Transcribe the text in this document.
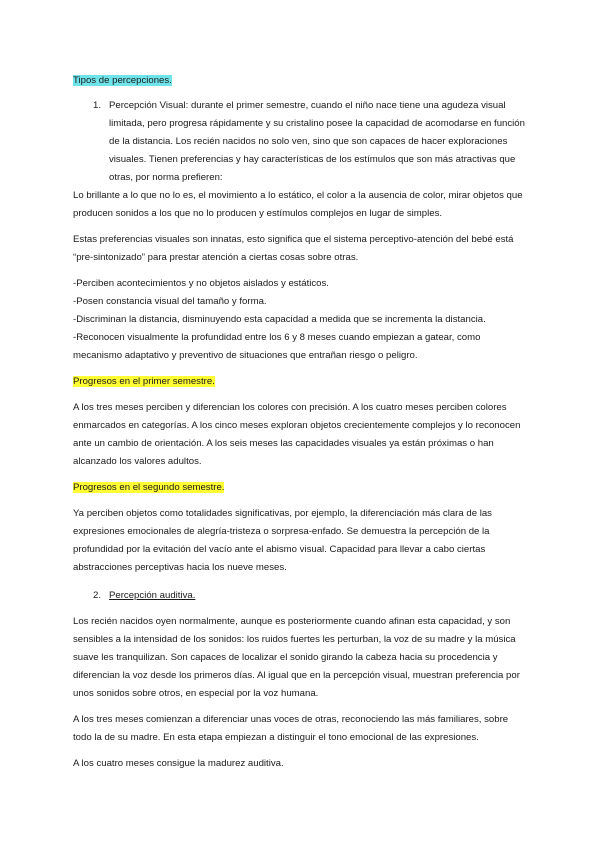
Tipos de percepciones.

1. Percepción Visual: durante el primer semestre, cuando el niño nace tiene una agudeza visual limitada, pero progresa rápidamente y su cristalino posee la capacidad de acomodarse en función de la distancia. Los recién nacidos no solo ven, sino que son capaces de hacer exploraciones visuales. Tienen preferencias y hay características de los estímulos que son más atractivas que otras, por norma prefieren:

Lo brillante a lo que no lo es, el movimiento a lo estático, el color a la ausencia de color, mirar objetos que producen sonidos a los que no lo producen y estímulos complejos en lugar de simples.

Estas preferencias visuales son innatas, esto significa que el sistema perceptivo-atención del bebé está “pre-sintonizado” para prestar atención a ciertas cosas sobre otras.

-Perciben acontecimientos y no objetos aislados y estáticos.

-Posen constancia visual del tamaño y forma.

-Discriminan la distancia, disminuyendo esta capacidad a medida que se incrementa la distancia.

-Reconocen visualmente la profundidad entre los 6 y 8 meses cuando empiezan a gatear, como mecanismo adaptativo y preventivo de situaciones que entrañan riesgo o peligro.

Progresos en el primer semestre.

A los tres meses perciben y diferencian los colores con precisión. A los cuatro meses perciben colores enmarcados en categorías. A los cinco meses exploran objetos crecientemente complejos y lo reconocen ante un cambio de orientación. A los seis meses las capacidades visuales ya están próximas o han alcanzado los valores adultos.

Progresos en el segundo semestre.

Ya perciben objetos como totalidades significativas, por ejemplo, la diferenciación más clara de las expresiones emocionales de alegría-tristeza o sorpresa-enfado. Se demuestra la percepción de la profundidad por la evitación del vacío ante el abismo visual. Capacidad para llevar a cabo ciertas abstracciones perceptivas hacia los nueve meses.

2. Percepción auditiva.

Los recién nacidos oyen normalmente, aunque es posteriormente cuando afinan esta capacidad, y son sensibles a la intensidad de los sonidos: los ruidos fuertes les perturban, la voz de su madre y la música suave les tranquilizan. Son capaces de localizar el sonido girando la cabeza hacia su procedencia y diferencian la voz desde los primeros días. Al igual que en la percepción visual, muestran preferencia por unos sonidos sobre otros, en especial por la voz humana.

A los tres meses comienzan a diferenciar unas voces de otras, reconociendo las más familiares, sobre todo la de su madre. En esta etapa empiezan a distinguir el tono emocional de las expresiones.

A los cuatro meses consigue la madurez auditiva.
